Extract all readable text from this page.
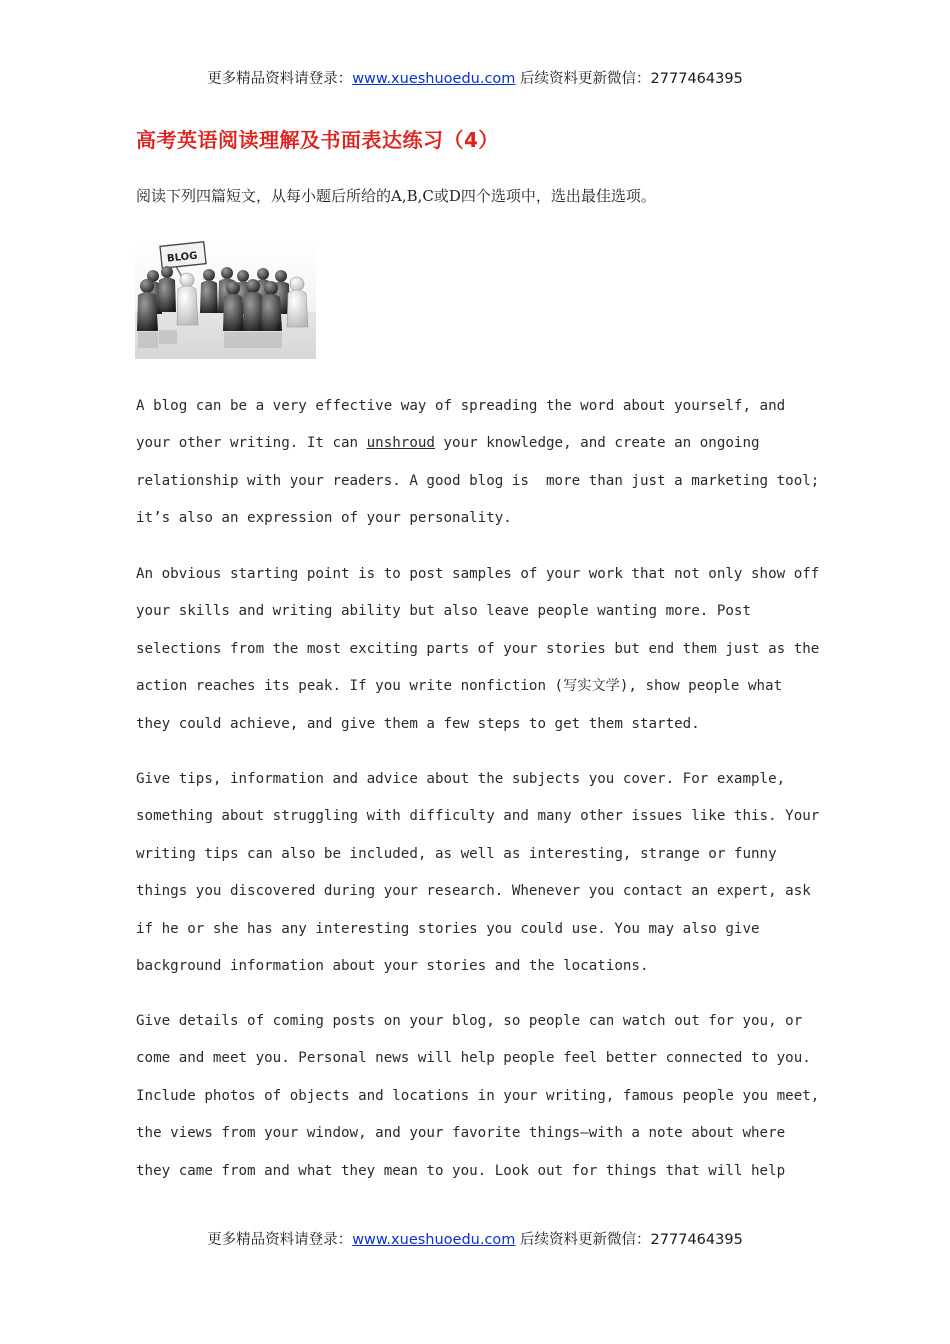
更多精品资料请登录：www.xueshuoedu.com 后续资料更新微信：2777464395
高考英语阅读理解及书面表达练习（4）
阅读下列四篇短文，从每小题后所给的A,B,C或D四个选项中，选出最佳选项。
BLOG
A blog can be a very effective way of spreading the word about yourself, and
your other writing. It can unshroud your knowledge, and create an ongoing
relationship with your readers. A good blog is  more than just a marketing tool;
it’s also an expression of your personality.
An obvious starting point is to post samples of your work that not only show off
your skills and writing ability but also leave people wanting more. Post
selections from the most exciting parts of your stories but end them just as the
action reaches its peak. If you write nonfiction (写实文学), show people what
they could achieve, and give them a few steps to get them started.
Give tips, information and advice about the subjects you cover. For example,
something about struggling with difficulty and many other issues like this. Your
writing tips can also be included, as well as interesting, strange or funny
things you discovered during your research. Whenever you contact an expert, ask
if he or she has any interesting stories you could use. You may also give
background information about your stories and the locations.
Give details of coming posts on your blog, so people can watch out for you, or
come and meet you. Personal news will help people feel better connected to you.
Include photos of objects and locations in your writing, famous people you meet,
the views from your window, and your favorite things—with a note about where
they came from and what they mean to you. Look out for things that will help
更多精品资料请登录：www.xueshuoedu.com 后续资料更新微信：2777464395
